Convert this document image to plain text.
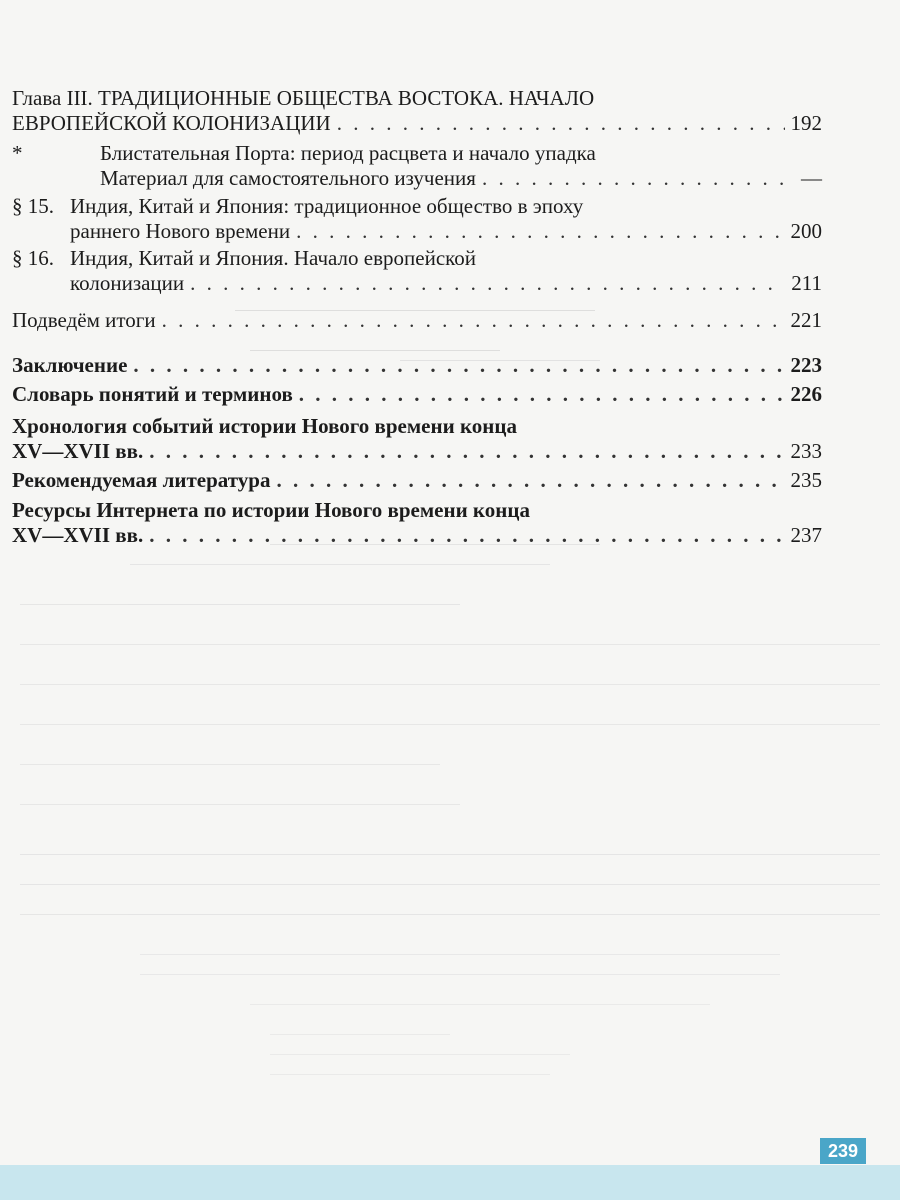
Глава III. ТРАДИЦИОННЫЕ ОБЩЕСТВА ВОСТОКА. НАЧАЛО
ЕВРОПЕЙСКОЙ КОЛОНИЗАЦИИ . . .	192
*	Блистательная Порта: период расцвета и начало упадка
Материал для самостоятельного изучения . . .	—
§ 15. Индия, Китай и Япония: традиционное общество в эпоху
раннего Нового времени . . .	200
§ 16. Индия, Китай и Япония. Начало европейской
колонизации . . .	211
Подведём итоги . . .	221
Заключение . . .	223
Словарь понятий и терминов . . .	226
Хронология событий истории Нового времени конца
XV—XVII вв. . . .	233
Рекомендуемая литература . . .	235
Ресурсы Интернета по истории Нового времени конца
XV—XVII вв. . . .	237
239
